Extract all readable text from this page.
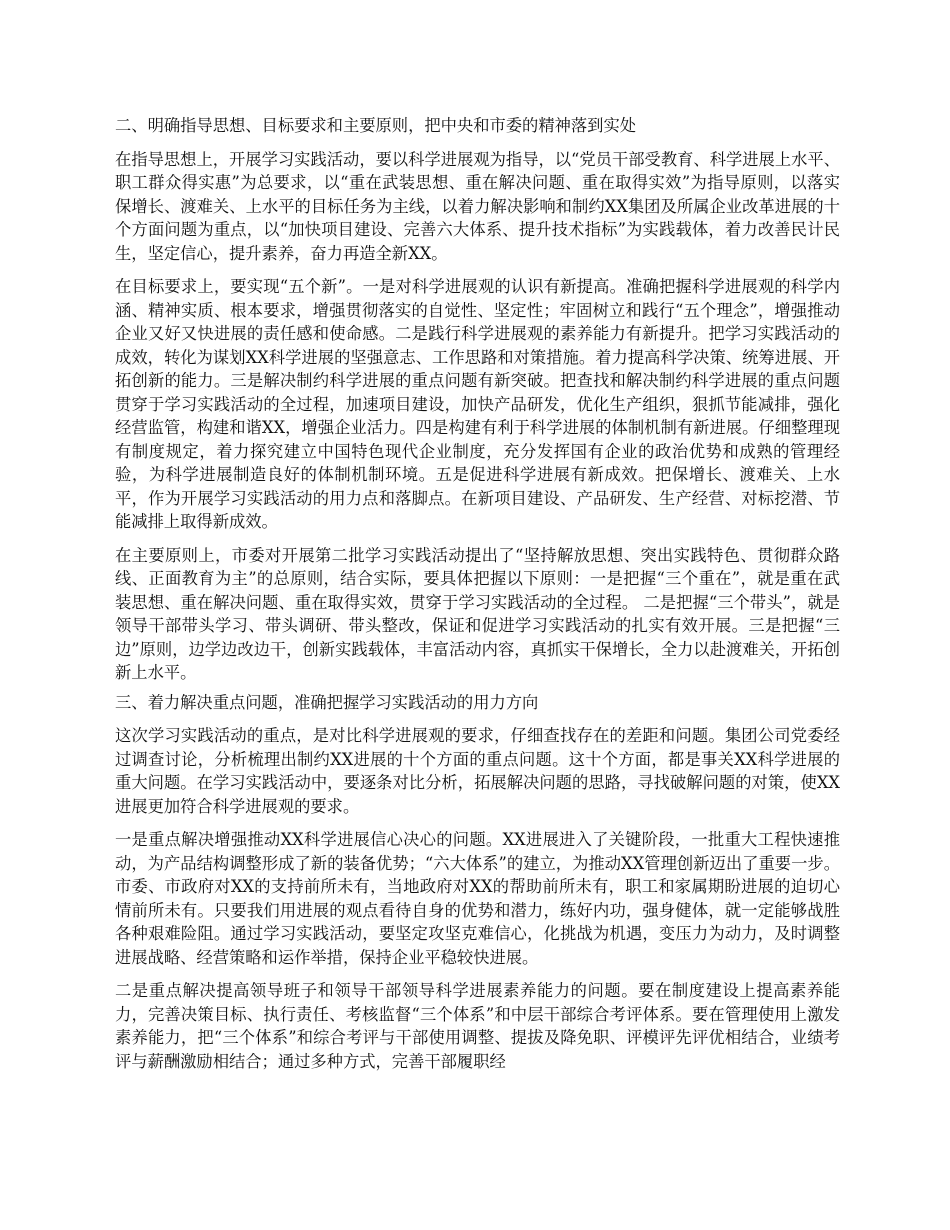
二、明确指导思想、目标要求和主要原则，把中央和市委的精神落到实处

在指导思想上，开展学习实践活动，要以科学进展观为指导，以“党员干部受教育、科学进展上水平、职工群众得实惠”为总要求，以“重在武装思想、重在解决问题、重在取得实效”为指导原则，以落实保增长、渡难关、上水平的目标任务为主线，以着力解决影响和制约XX集团及所属企业改革进展的十个方面问题为重点，以“加快项目建设、完善六大体系、提升技术指标”为实践载体，着力改善民计民生，坚定信心，提升素养，奋力再造全新XX。

在目标要求上，要实现“五个新”。一是对科学进展观的认识有新提高。准确把握科学进展观的科学内涵、精神实质、根本要求，增强贯彻落实的自觉性、坚定性；牢固树立和践行“五个理念”，增强推动企业又好又快进展的责任感和使命感。二是践行科学进展观的素养能力有新提升。把学习实践活动的成效，转化为谋划XX科学进展的坚强意志、工作思路和对策措施。着力提高科学决策、统筹进展、开拓创新的能力。三是解决制约科学进展的重点问题有新突破。把查找和解决制约科学进展的重点问题贯穿于学习实践活动的全过程，加速项目建设，加快产品研发，优化生产组织，狠抓节能减排，强化经营监管，构建和谐XX，增强企业活力。四是构建有利于科学进展的体制机制有新进展。仔细整理现有制度规定，着力探究建立中国特色现代企业制度，充分发挥国有企业的政治优势和成熟的管理经验，为科学进展制造良好的体制机制环境。五是促进科学进展有新成效。把保增长、渡难关、上水平，作为开展学习实践活动的用力点和落脚点。在新项目建设、产品研发、生产经营、对标挖潜、节能减排上取得新成效。

在主要原则上，市委对开展第二批学习实践活动提出了“坚持解放思想、突出实践特色、贯彻群众路线、正面教育为主”的总原则，结合实际，要具体把握以下原则：一是把握“三个重在”，就是重在武装思想、重在解决问题、重在取得实效，贯穿于学习实践活动的全过程。 二是把握“三个带头”，就是领导干部带头学习、带头调研、带头整改，保证和促进学习实践活动的扎实有效开展。三是把握“三边”原则，边学边改边干，创新实践载体，丰富活动内容，真抓实干保增长，全力以赴渡难关，开拓创新上水平。

三、着力解决重点问题，准确把握学习实践活动的用力方向

这次学习实践活动的重点，是对比科学进展观的要求，仔细查找存在的差距和问题。集团公司党委经过调查讨论，分析梳理出制约XX进展的十个方面的重点问题。这十个方面，都是事关XX科学进展的重大问题。在学习实践活动中，要逐条对比分析，拓展解决问题的思路，寻找破解问题的对策，使XX进展更加符合科学进展观的要求。

一是重点解决增强推动XX科学进展信心决心的问题。XX进展进入了关键阶段，一批重大工程快速推动，为产品结构调整形成了新的装备优势；“六大体系”的建立，为推动XX管理创新迈出了重要一步。市委、市政府对XX的支持前所未有，当地政府对XX的帮助前所未有，职工和家属期盼进展的迫切心情前所未有。只要我们用进展的观点看待自身的优势和潜力，练好内功，强身健体，就一定能够战胜各种艰难险阻。通过学习实践活动，要坚定攻坚克难信心，化挑战为机遇，变压力为动力，及时调整进展战略、经营策略和运作举措，保持企业平稳较快进展。

二是重点解决提高领导班子和领导干部领导科学进展素养能力的问题。要在制度建设上提高素养能力，完善决策目标、执行责任、考核监督“三个体系”和中层干部综合考评体系。要在管理使用上激发素养能力，把“三个体系”和综合考评与干部使用调整、提拔及降免职、评模评先评优相结合，业绩考评与薪酬激励相结合；通过多种方式，完善干部履职经
